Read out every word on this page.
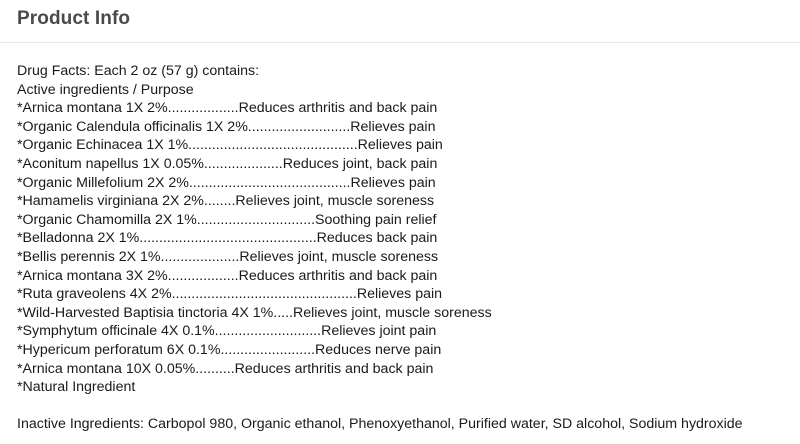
Product Info
Drug Facts: Each 2 oz (57 g) contains:
Active ingredients / Purpose
*Arnica montana 1X 2%..................Reduces arthritis and back pain
*Organic Calendula officinalis 1X 2%..........................Relieves pain
*Organic Echinacea 1X 1%...........................................Relieves pain
*Aconitum napellus 1X 0.05%....................Reduces joint, back pain
*Organic Millefolium 2X 2%.........................................Relieves pain
*Hamamelis virginiana 2X 2%........Relieves joint, muscle soreness
*Organic Chamomilla 2X 1%..............................Soothing pain relief
*Belladonna 2X 1%.............................................Reduces back pain
*Bellis perennis 2X 1%....................Relieves joint, muscle soreness
*Arnica montana 3X 2%..................Reduces arthritis and back pain
*Ruta graveolens 4X 2%...............................................Relieves pain
*Wild-Harvested Baptisia tinctoria 4X 1%.....Relieves joint, muscle soreness
*Symphytum officinale 4X 0.1%...........................Relieves joint pain
*Hypericum perforatum 6X 0.1%........................Reduces nerve pain
*Arnica montana 10X 0.05%..........Reduces arthritis and back pain
*Natural Ingredient
Inactive Ingredients: Carbopol 980, Organic ethanol, Phenoxyethanol, Purified water, SD alcohol, Sodium hydroxide
